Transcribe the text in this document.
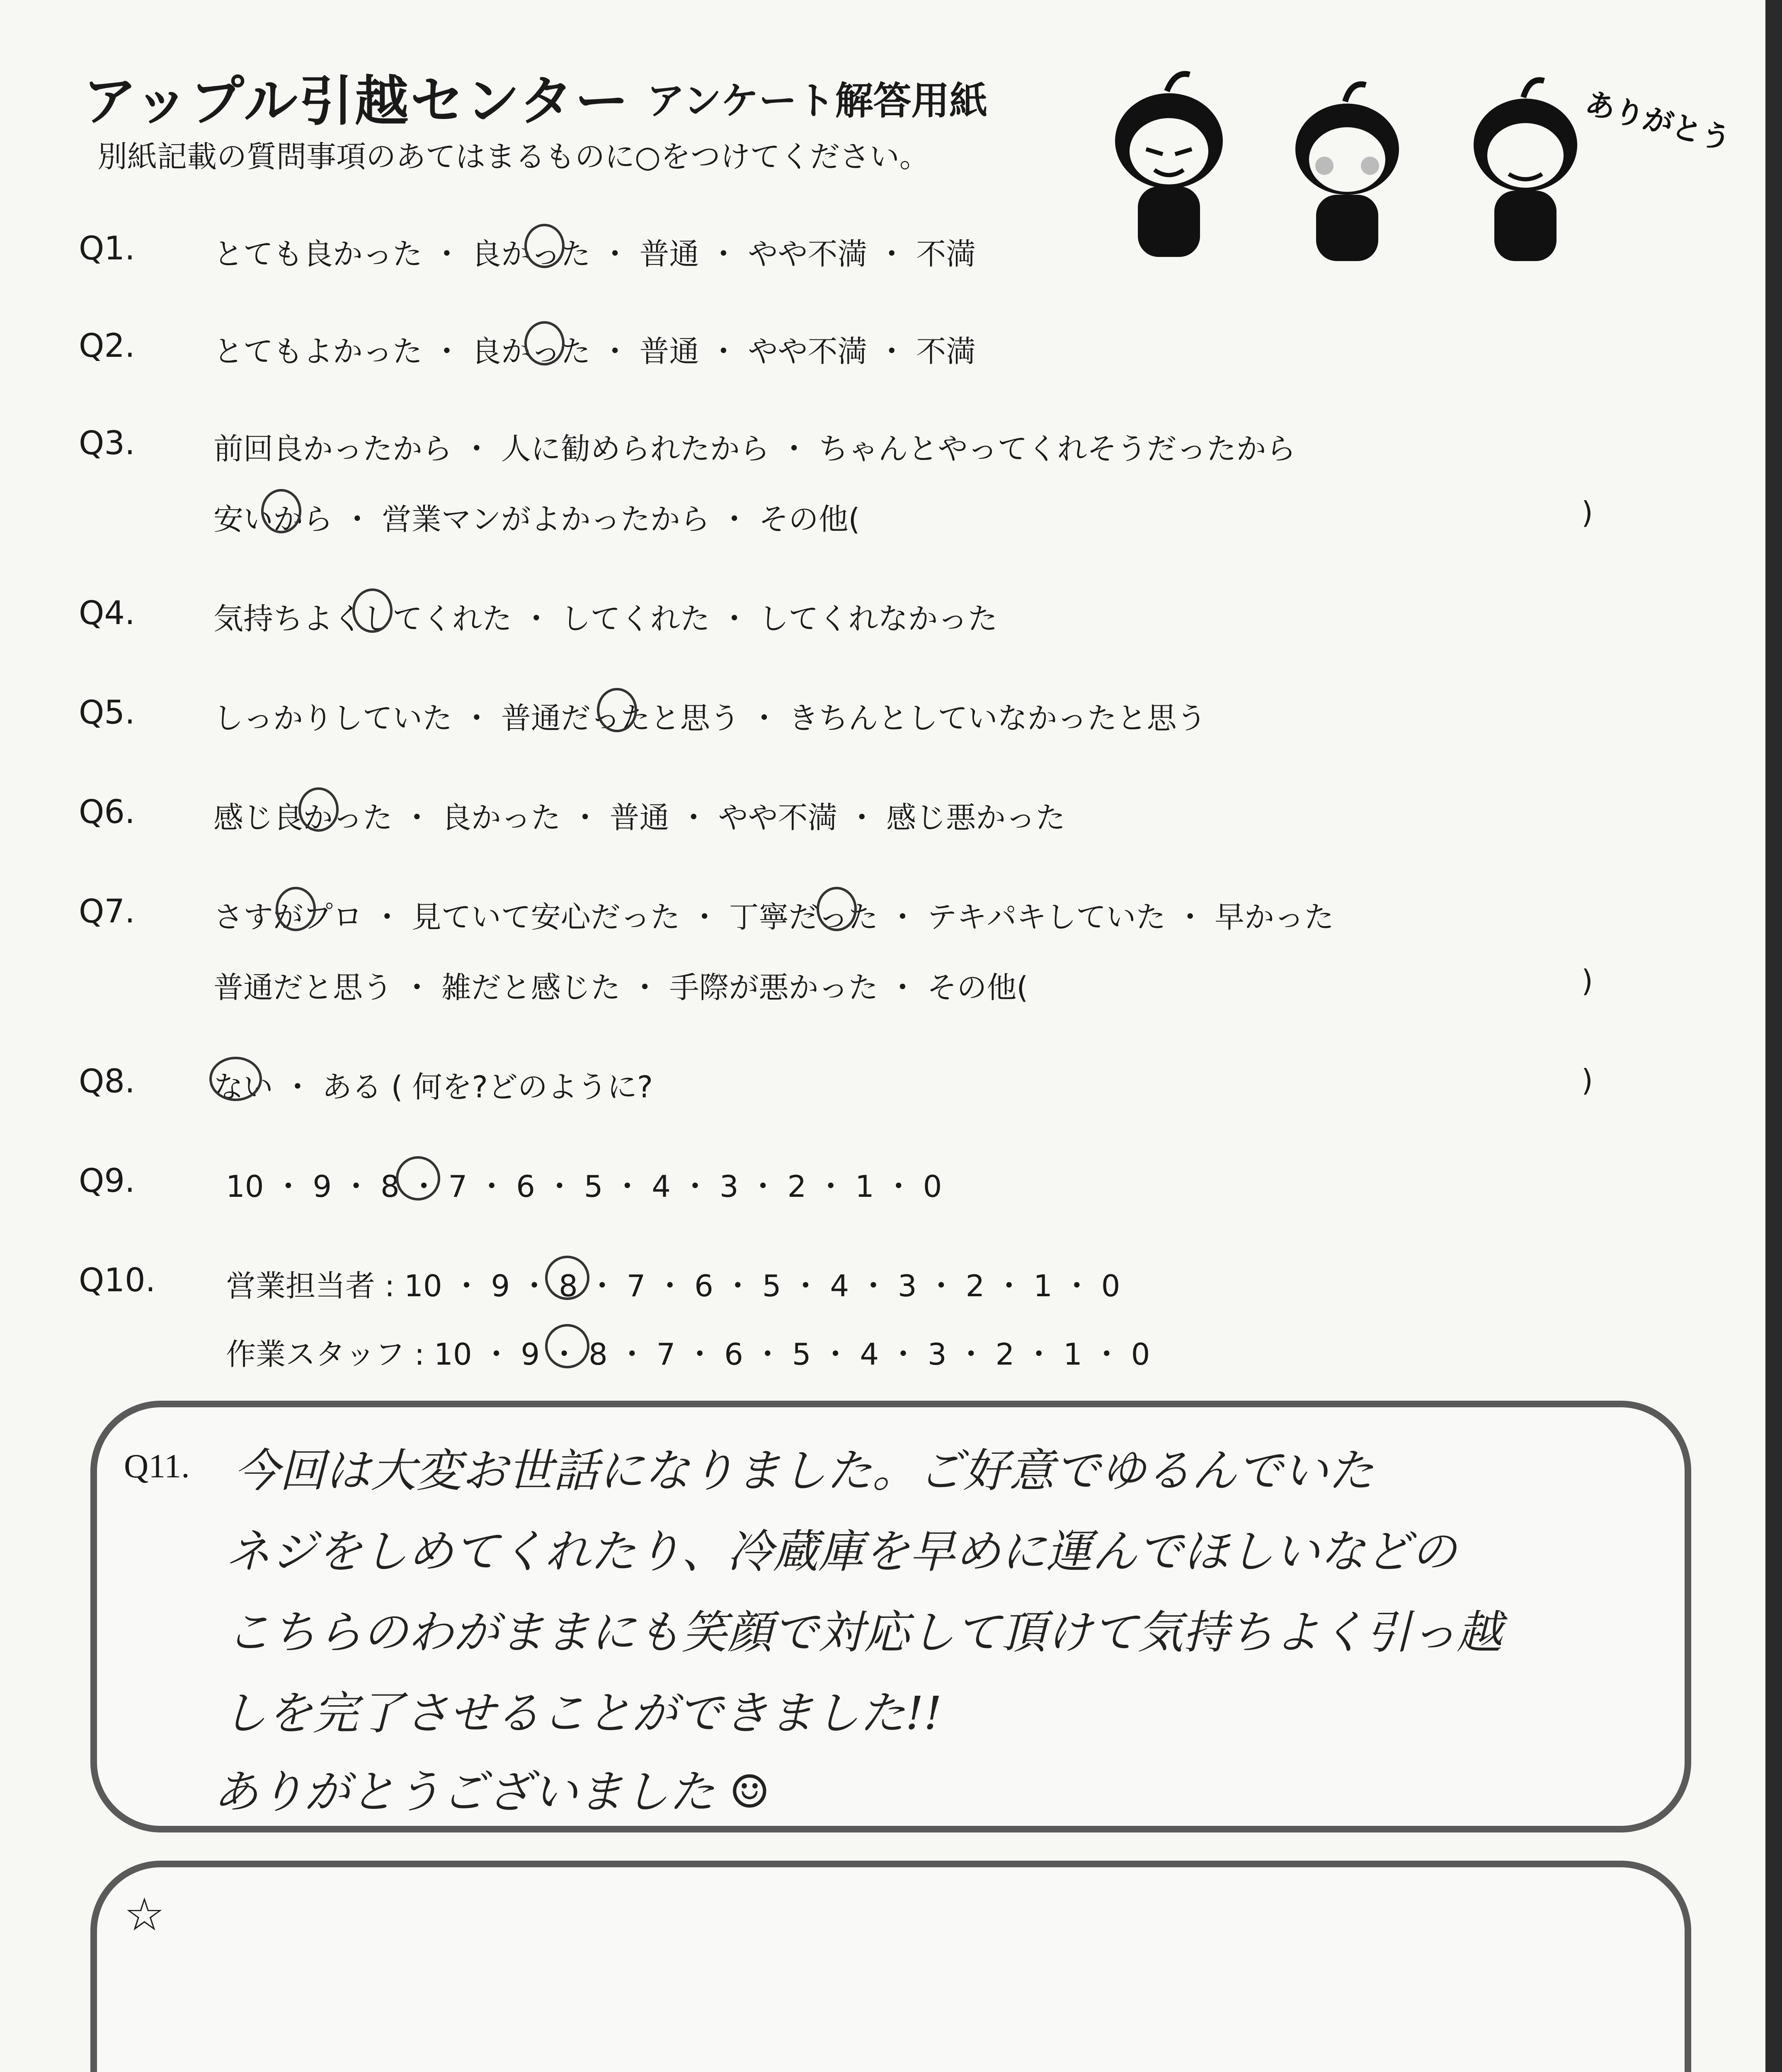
アップル引越センター アンケート解答用紙
別紙記載の質問事項のあてはまるものに○をつけてください。	ありがとう
Q1.	とても良かった ・ 良かった ・ 普通 ・ やや不満 ・ 不満
Q2.	とてもよかった ・ 良かった ・ 普通 ・ やや不満 ・ 不満
Q3.	前回良かったから ・ 人に勧められたから ・ ちゃんとやってくれそうだったから
安いから ・ 営業マンがよかったから ・ その他(	)
Q4.	気持ちよくしてくれた ・ してくれた ・ してくれなかった
Q5.	しっかりしていた ・ 普通だったと思う ・ きちんとしていなかったと思う
Q6.	感じ良かった ・ 良かった ・ 普通 ・ やや不満 ・ 感じ悪かった
Q7.	さすがプロ ・ 見ていて安心だった ・ 丁寧だった ・ テキパキしていた ・ 早かった
普通だと思う ・ 雑だと感じた ・ 手際が悪かった ・ その他(	)
Q8.	ない ・ ある ( 何を?どのように?	)
Q9.	10 ・ 9 ・ 8 ・ 7 ・ 6 ・ 5 ・ 4 ・ 3 ・ 2 ・ 1 ・ 0
Q10. 営業担当者 : 10 ・ 9 ・ 8 ・ 7 ・ 6 ・ 5 ・ 4 ・ 3 ・ 2 ・ 1 ・ 0
作業スタッフ : 10 ・ 9 ・ 8 ・ 7 ・ 6 ・ 5 ・ 4 ・ 3 ・ 2 ・ 1 ・ 0
Q11. 今回は大変お世話になりました。ご好意でゆるんでいた
ネジをしめてくれたり、冷蔵庫を早めに運んでほしいなどの
こちらのわがままにも笑顔で対応して頂けて気持ちよく引っ越
しを完了させることができました!!
ありがとうございました ☺
☆
